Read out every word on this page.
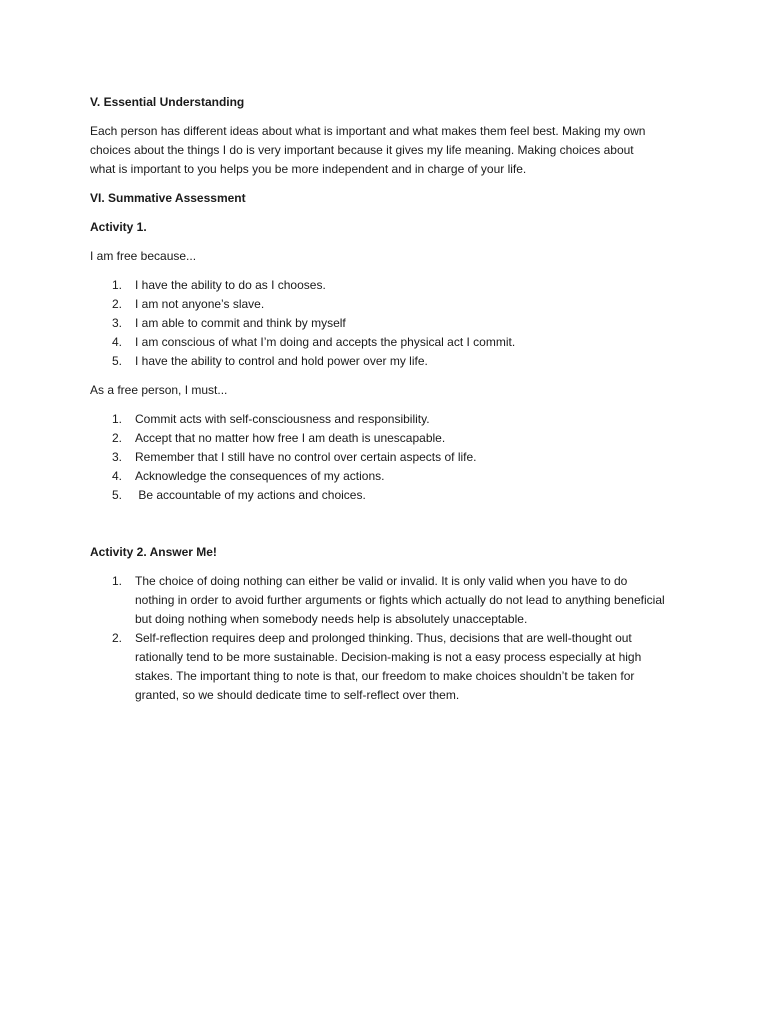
V. Essential Understanding
Each person has different ideas about what is important and what makes them feel best. Making my own choices about the things I do is very important because it gives my life meaning. Making choices about what is important to you helps you be more independent and in charge of your life.
VI. Summative Assessment
Activity 1.
I am free because...
1. I have the ability to do as I chooses.
2. I am not anyone’s slave.
3. I am able to commit and think by myself
4. I am conscious of what I’m doing and accepts the physical act I commit.
5. I have the ability to control and hold power over my life.
As a free person, I must...
1. Commit acts with self-consciousness and responsibility.
2. Accept that no matter how free I am death is unescapable.
3. Remember that I still have no control over certain aspects of life.
4. Acknowledge the consequences of my actions.
5. Be accountable of my actions and choices.
Activity 2. Answer Me!
1. The choice of doing nothing can either be valid or invalid. It is only valid when you have to do nothing in order to avoid further arguments or fights which actually do not lead to anything beneficial but doing nothing when somebody needs help is absolutely unacceptable.
2. Self-reflection requires deep and prolonged thinking. Thus, decisions that are well-thought out rationally tend to be more sustainable. Decision-making is not a easy process especially at high stakes. The important thing to note is that, our freedom to make choices shouldn’t be taken for granted, so we should dedicate time to self-reflect over them.
